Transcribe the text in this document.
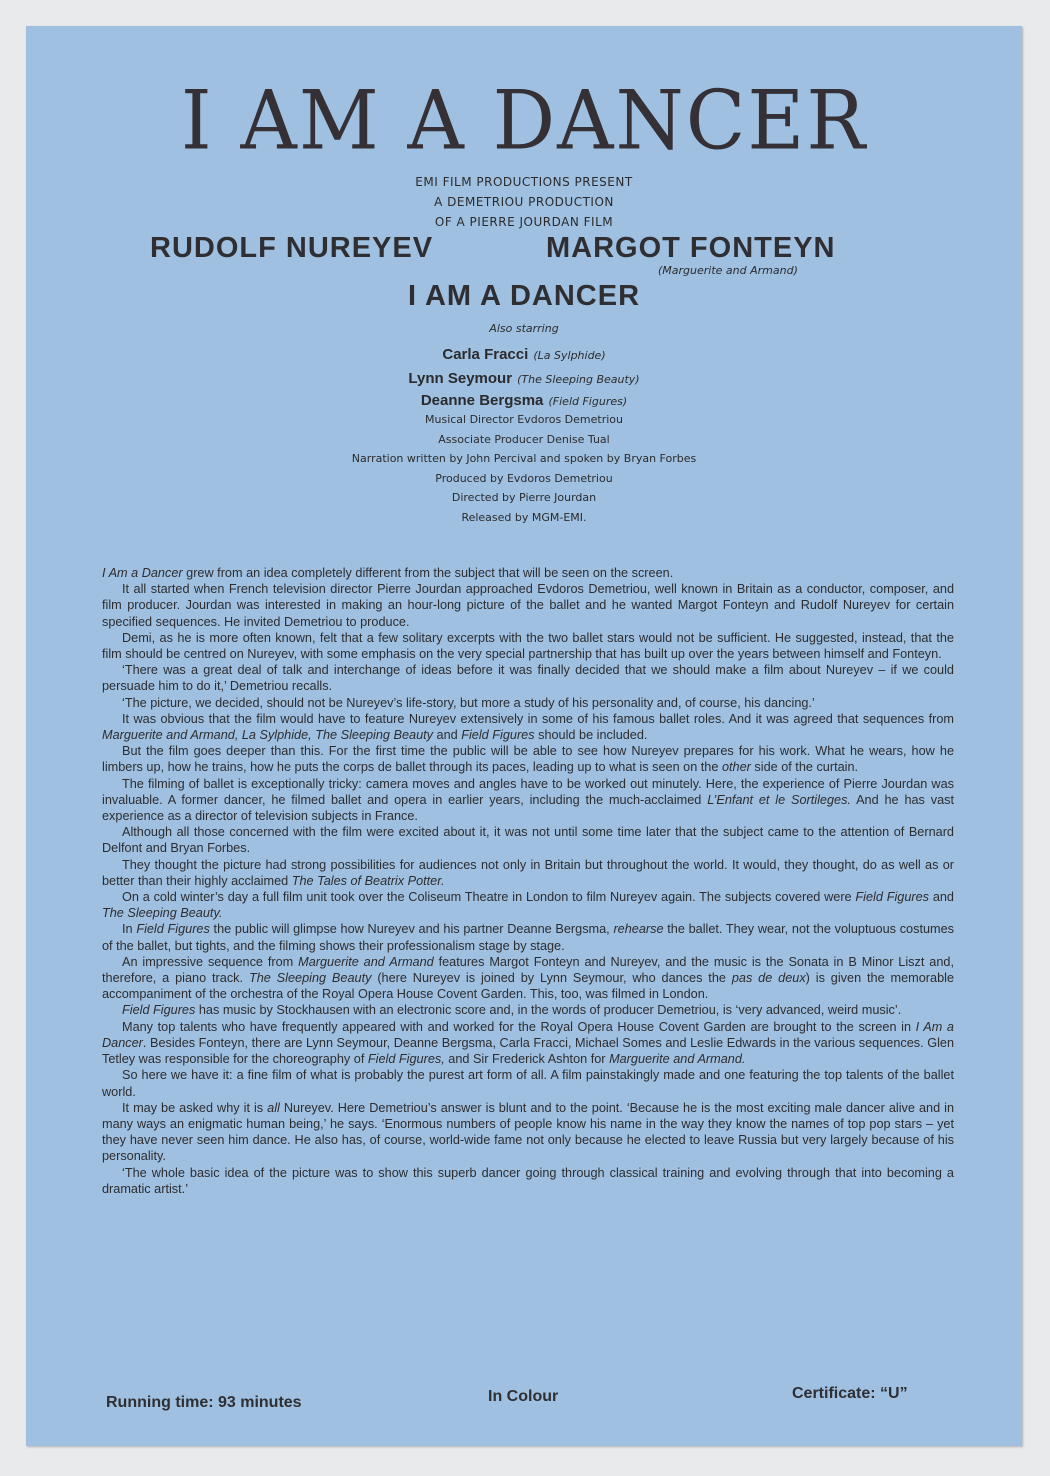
I AM A DANCER
EMI FILM PRODUCTIONS PRESENT
A DEMETRIOU PRODUCTION
OF A PIERRE JOURDAN FILM
RUDOLF NUREYEV	MARGOT FONTEYN
(Marguerite and Armand)
I AM A DANCER
Also starring
Carla Fracci (La Sylphide)
Lynn Seymour (The Sleeping Beauty)
Deanne Bergsma (Field Figures)
Musical Director Evdoros Demetriou
Associate Producer Denise Tual
Narration written by John Percival and spoken by Bryan Forbes
Produced by Evdoros Demetriou
Directed by Pierre Jourdan
Released by MGM-EMI.

I Am a Dancer grew from an idea completely different from the subject that will be seen on the screen.

It all started when French television director Pierre Jourdan approached Evdoros Demetriou, well known in Britain as a conductor, composer, and film producer. Jourdan was interested in making an hour-long picture of the ballet and he wanted Margot Fonteyn and Rudolf Nureyev for certain specified sequences. He invited Demetriou to produce.

Demi, as he is more often known, felt that a few solitary excerpts with the two ballet stars would not be sufficient. He suggested, instead, that the film should be centred on Nureyev, with some emphasis on the very special partnership that has built up over the years between himself and Fonteyn.

‘There was a great deal of talk and interchange of ideas before it was finally decided that we should make a film about Nureyev – if we could persuade him to do it,’ Demetriou recalls.

‘The picture, we decided, should not be Nureyev’s life-story, but more a study of his personality and, of course, his dancing.’

It was obvious that the film would have to feature Nureyev extensively in some of his famous ballet roles. And it was agreed that sequences from Marguerite and Armand, La Sylphide, The Sleeping Beauty and Field Figures should be included.

But the film goes deeper than this. For the first time the public will be able to see how Nureyev prepares for his work. What he wears, how he limbers up, how he trains, how he puts the corps de ballet through its paces, leading up to what is seen on the other side of the curtain.

The filming of ballet is exceptionally tricky: camera moves and angles have to be worked out minutely. Here, the experience of Pierre Jourdan was invaluable. A former dancer, he filmed ballet and opera in earlier years, including the much-acclaimed L’Enfant et le Sortileges. And he has vast experience as a director of television subjects in France.

Although all those concerned with the film were excited about it, it was not until some time later that the subject came to the attention of Bernard Delfont and Bryan Forbes.

They thought the picture had strong possibilities for audiences not only in Britain but throughout the world. It would, they thought, do as well as or better than their highly acclaimed The Tales of Beatrix Potter.

On a cold winter’s day a full film unit took over the Coliseum Theatre in London to film Nureyev again. The subjects covered were Field Figures and The Sleeping Beauty.

In Field Figures the public will glimpse how Nureyev and his partner Deanne Bergsma, rehearse the ballet. They wear, not the voluptuous costumes of the ballet, but tights, and the filming shows their professionalism stage by stage.

An impressive sequence from Marguerite and Armand features Margot Fonteyn and Nureyev, and the music is the Sonata in B Minor Liszt and, therefore, a piano track. The Sleeping Beauty (here Nureyev is joined by Lynn Seymour, who dances the pas de deux) is given the memorable accompaniment of the orchestra of the Royal Opera House Covent Garden. This, too, was filmed in London.

Field Figures has music by Stockhausen with an electronic score and, in the words of producer Demetriou, is ‘very advanced, weird music’.

Many top talents who have frequently appeared with and worked for the Royal Opera House Covent Garden are brought to the screen in I Am a Dancer. Besides Fonteyn, there are Lynn Seymour, Deanne Bergsma, Carla Fracci, Michael Somes and Leslie Edwards in the various sequences. Glen Tetley was responsible for the choreography of Field Figures, and Sir Frederick Ashton for Marguerite and Armand.

So here we have it: a fine film of what is probably the purest art form of all. A film painstakingly made and one featuring the top talents of the ballet world.

It may be asked why it is all Nureyev. Here Demetriou’s answer is blunt and to the point. ‘Because he is the most exciting male dancer alive and in many ways an enigmatic human being,’ he says. ‘Enormous numbers of people know his name in the way they know the names of top pop stars – yet they have never seen him dance. He also has, of course, world-wide fame not only because he elected to leave Russia but very largely because of his personality.

‘The whole basic idea of the picture was to show this superb dancer going through classical training and evolving through that into becoming a dramatic artist.’

Running time: 93 minutes	In Colour	Certificate: “U”
